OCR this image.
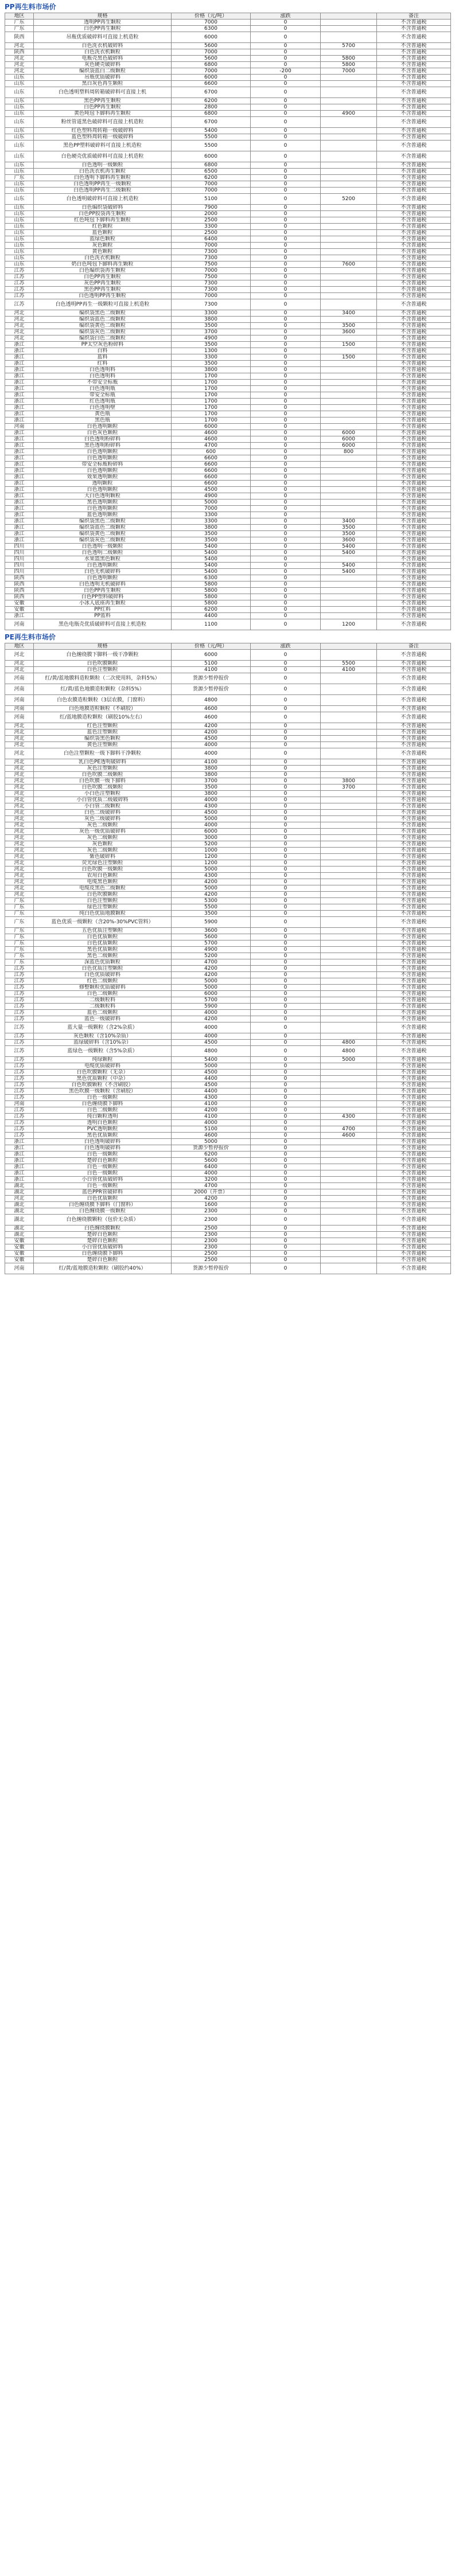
PP再生料市场价
地区	规格	价格（元/吨）	涨跌		备注
广东	透明PP再生颗粒	7000	0		不含普通税
广东	白色PP再生颗粒	6300	0		不含普通税
陕西	吊瓶优质破碎料可直接上机造粒	6000	0		不含普通税
河北	白色洗衣机破碎料	5600	0	5700	不含普通税
陕西	白色洗衣机颗粒	7000	0		不含普通税
河北	电瓶壳黑色破碎料	5600	0	5800	不含普通税
河北	灰色硬壳破碎料	6800	0	5800	不含普通税
河北	编织袋蓝白二级颗粒	7000	-200	7000	不含普通税
山东	吊瓶优质破碎料	6000	0		不含普通税
山东	黑白灰色再生颗粒	6600	0		不含普通税
山东	白色透明塑料周转箱破碎料可直接上机	6700	0		不含普通税
山东	黑色PP再生颗粒	6200	0		不含普通税
山东	白色PP再生颗粒	2800	0		不含普通税
山东	黄色吨包下脚料再生颗粒	6800	0	4900	不含普通税
山东	粉丝管道黑色破碎料可直接上机造粒	6700	0		不含普通税
山东	红色塑料周转箱一级破碎料	5400	0		不含普通税
山东	蓝色塑料周转箱一级破碎料	5500	0		不含普通税
山东	黑色PP塑料破碎料可直接上机造粒	5500	0		不含普通税
山东	白色硬壳优质破碎料可直接上机造粒	6000	0		不含普通税
山东	白色透明一级颗粒	6800	0		不含普通税
山东	白色洗衣机再生颗粒	6500	0		不含普通税
广东	白色透明下脚料再生颗粒	6200	0		不含普通税
山东	白色透明PP再生一级颗粒	7000	0		不含普通税
山东	白色透明PP再生二级颗粒	7000	0		不含普通税
山东	白色透明破碎料可直接上机造粒	5100	0	5200	不含普通税
山东	白色编织袋破碎料	7900	0		不含普通税
山东	白色PP胶袋再生颗粒	2000	0		不含普通税
山东	红色吨包下脚料再生颗粒	2500	0		不含普通税
山东	红色颗粒	3300	0		不含普通税
山东	蓝色颗粒	2500	0		不含普通税
山东	蓝绿色颗粒	6400	0		不含普通税
山东	灰色颗粒	7000	0		不含普通税
山东	黄色颗粒	7300	0		不含普通税
山东	白色洗衣机颗粒	7300	0		不含普通税
山东	奶白色吨包下脚料再生颗粒	7500	0	7600	不含普通税
江苏	白色编织袋再生颗粒	7000	0		不含普通税
江苏	白色PP再生颗粒	7500	0		不含普通税
江苏	灰色PP再生颗粒	7300	0		不含普通税
江苏	黑色PP再生颗粒	7300	0		不含普通税
江苏	白色透明PP再生颗粒	7000	0		不含普通税
江苏	白色透明PP再生一级颗粒可直接上机造粒	7300	0		不含普通税
河北	编织袋黑色二级颗粒	3300	0	3400	不含普通税
河北	编织袋蓝色二级颗粒	3800	0		不含普通税
河北	编织袋黄色二级颗粒	3500	0	3500	不含普通税
河北	编织袋灰色二级颗粒	3700	0	3600	不含普通税
河北	编织袋白色二级颗粒	4900	0		不含普通税
浙江	PP太空灰色粉碎料	3500	0	1500	不含普通税
浙江	白料	1300	0		不含普通税
浙江	蓝料	3300	0	1500	不含普通税
浙江	红料	3500	0		不含普通税
浙江	白色透明料	3800	0		不含普通税
浙江	白色透明料	1700	0		不含普通税
浙江	不带安全标瓶	1700	0		不含普通税
浙江	白色透明瓶	1700	0		不含普通税
浙江	带安全标瓶	1700	0		不含普通税
浙江	红色透明瓶	1700	0		不含普通税
浙江	白色透明壁	1700	0		不含普通税
浙江	黄色瓶	1700	0		不含普通税
浙江	黑色瓶	1700	0		不含普通税
河南	白色透明颗粒	6000	0		不含普通税
浙江	白色灰色颗粒	4600	0	6000	不含普通税
浙江	白色透明粉碎料	4600	0	6000	不含普通税
浙江	黑色透明粉碎料	4700	0	6000	不含普通税
浙江	白色透明颗粒	600	0	800	不含普通税
浙江	白色透明颗粒	6600	0		不含普通税
浙江	带安全标瓶粉碎料	6600	0		不含普通税
浙江	白色透明颗粒	6600	0		不含普通税
浙江	效果透明颗粒	6600	0		不含普通税
浙江	透明颗粒	6600	0		不含普通税
浙江	白色透明颗粒	4500	0		不含普通税
浙江	大白色透明颗粒	4900	0		不含普通税
浙江	黑色透明颗粒	5000	0		不含普通税
浙江	白色透明颗粒	7000	0		不含普通税
浙江	蓝色透明颗粒	3300	0		不含普通税
浙江	编织袋黑色二级颗粒	3300	0	3400	不含普通税
浙江	编织袋蓝色二级颗粒	3800	0	3500	不含普通税
浙江	编织袋黄色二级颗粒	3500	0	3500	不含普通税
浙江	编织袋灰色二级颗粒	3500	0	3600	不含普通税
四川	白色透明一级颗粒	5400	0	5400	不含普通税
四川	白色透明二级颗粒	5400	0	5400	不含普通税
四川	水果篮黑色颗粒	5400	0		不含普通税
四川	白色透明颗粒	5400	0	5400	不含普通税
四川	白色无机破碎料	5400	0	5400	不含普通税
陕西	白色透明颗粒	6300	0		不含普通税
陕西	白色透明无机破碎料	5800	0		不含普通税
陕西	白色PP再生颗粒	5800	0		不含普通税
陕西	白色PP塑料破碎料	5800	0		不含普通税
安徽	小冰人底座再生颗粒	5800	0		不含普通税
安徽	PP红料	6200	0		不含普通税
浙江	PP蓝料	4400	0		不含普通税
河南	黑色电瓶壳优质破碎料可直接上机造粒	1100	0	1200	不含普通税
PE再生料市场价
地区	规格	价格（元/吨）	涨跌		备注
河北	白色缠绕膜下脚料一级干净颗粒	6000	0		不含普通税
河北	白色吹膜颗粒	5100	0	5500	不含普通税
河北	白色注塑颗粒	4100	0	4100	不含普通税
河南	红/黄/蓝地膜料造粒颗粒（二次使用料，杂料5%）	货源少暂停报价	0		不含普通税
河南	红/黄/蓝色地膜造粒颗粒（杂料5%）	货源少暂停报价	0		不含普通税
河南	白色农膜造粒颗粒（3层农膜，门窗料）	4800	0		不含普通税
河南	白色地膜造粒颗粒（不刷胶）	4600	0		不含普通税
河南	红/蓝地膜造粒颗粒（刷胶10%左右）	4600	0		不含普通税
河北	红色注塑颗粒	4200	0		不含普通税
河北	蓝色注塑颗粒	4200	0		不含普通税
河北	编织袋黑色颗粒	4500	0		不含普通税
河北	黄色注塑颗粒	4000	0		不含普通税
河北	白色注塑颗粒一级下脚料干净颗粒	4000	0		不含普通税
河北	乳白色PE透明破碎料	4100	0		不含普通税
河北	灰色注塑颗粒	3800	0		不含普通税
河北	白色吹膜二级颗粒	3800	0		不含普通税
河北	白色吹膜一级下脚料	3700	0	3800	不含普通税
河北	白色吹膜二级颗粒	3500	0	3700	不含普通税
河北	小白色注塑颗粒	3800	0		不含普通税
河北	小白管优质二级破碎料	4000	0		不含普通税
河北	小白管二级颗粒	4300	0		不含普通税
河北	白色二级破碎料	4500	0		不含普通税
河北	灰色二级破碎料	5000	0		不含普通税
河北	灰色二级颗粒	4000	0		不含普通税
河北	灰色一级优质破碎料	6000	0		不含普通税
河北	灰色二级颗粒	3000	0		不含普通税
河北	灰色颗粒	5200	0		不含普通税
河北	灰色二级颗粒	1000	0		不含普通税
河北	紫色破碎料	1200	0		不含普通税
河北	荧光绿色注塑颗粒	1200	0		不含普通税
河北	白色吹膜一级颗粒	5000	0		不含普通税
河北	农用白色颗粒	4300	0		不含普通税
河北	电缆黑色颗粒	4200	0		不含普通税
河北	电缆皮黑色二级颗粒	5000	0		不含普通税
河北	白色吹膜颗粒	4200	0		不含普通税
广东	白色注塑颗粒	5300	0		不含普通税
广东	绿色注塑颗粒	5500	0		不含普通税
广东	纯白色优质地膜颗粒	3500	0		不含普通税
广东	蓝色优质一级颗粒（含20%-30%PVC管料）	5900	0		不含普通税
广东	五色优质注塑颗粒	3600	0		不含普通税
广东	白色优质颗粒	5600	0		不含普通税
广东	白色优质颗粒	5700	0		不含普通税
广东	黑色优质颗粒	4900	0		不含普通税
广东	黑色二级颗粒	5200	0		不含普通税
广东	深蓝色优质颗粒	4700	0		不含普通税
江苏	白色优质注塑颗粒	4200	0		不含普通税
江苏	白色优质破碎料	4200	0		不含普通税
江苏	红色二级颗粒	5000	0		不含普通税
江苏	修整颗粒优质破碎料	5000	0		不含普通税
江苏	白色二级颗粒	6000	0		不含普通税
江苏	二级颗粒料	5700	0		不含普通税
江苏	二级颗粒料	5900	0		不含普通税
江苏	蓝色二级颗粒	4000	0		不含普通税
江苏	蓝色一级破碎料	4200	0		不含普通税
江苏	蓝大量一级颗粒（含2%杂质）	4000	0		不含普通税
江苏	灰色颗粒（含10%杂质）	4000	0		不含普通税
江苏	蓝绿破碎料（含10%杂）	4500	0	4800	不含普通税
江苏	蓝绿色一级颗粒（含5%杂质）	4800	0	4800	不含普通税
江苏	纯绿颗粒	5400	0	5000	不含普通税
江苏	电缆优质破碎料	5000	0		不含普通税
江苏	白色吹膜颗粒（无杂）	4500	0		不含普通税
江苏	黑色优质颗粒（中杂）	4400	0		不含普通税
江苏	白色吹膜颗粒（不含刷胶）	4500	0		不含普通税
江苏	黑色吹膜一级颗粒（含刷胶）	4400	0		不含普通税
江苏	白色一级颗粒	4300	0		不含普通税
河南	白色缠绕膜下脚料	4100	0		不含普通税
江苏	白色二级颗粒	4200	0		不含普通税
江苏	纯白颗粒透明	4100	0	4300	不含普通税
江苏	透明白色颗粒	4000	0		不含普通税
江苏	PVC透明颗粒	5100	0	4700	不含普通税
江苏	黑色优质颗粒	4600	0	4600	不含普通税
浙江	白色透明破碎料	5000	0		不含普通税
浙江	白色透明破碎料	货源少暂停报价	0		不含普通税
浙江	白色一级颗粒	6200	0		不含普通税
浙江	楚碎白色颗粒	5600	0		不含普通税
浙江	白色一级颗粒	6400	0		不含普通税
浙江	白色一级颗粒	4000	0		不含普通税
浙江	小白管优质破碎料	3200	0		不含普通税
湖北	白色一级颗粒	4700	0		不含普通税
湖北	蓝色PPR管破碎料	2000（开票）	0		不含普通税
河北	白色优质颗粒	4200	0		不含普通税
湖北	白色缠绕膜下脚料（门窗料）	1600	0		不含普通税
湖北	白色缠绕膜一级颗粒	2300	0		不含普通税
湖北	白色缠绕膜颗粒（包价无杂质）	2300	0		不含普通税
湖北	白色缠绕膜颗粒	2500	0		不含普通税
湖北	楚碎白色颗粒	2300	0		不含普通税
安徽	楚碎白色颗粒	2300	0		不含普通税
安徽	小白管优质破碎料	2300	0		不含普通税
安徽	白色缠绕膜下脚料	2500	0		不含普通税
安徽	楚碎白色颗粒	2500	0		不含普通税
河南	红/黄/蓝地膜造粒颗粒（刷胶约40%）	货源少暂停报价	0		不含普通税
